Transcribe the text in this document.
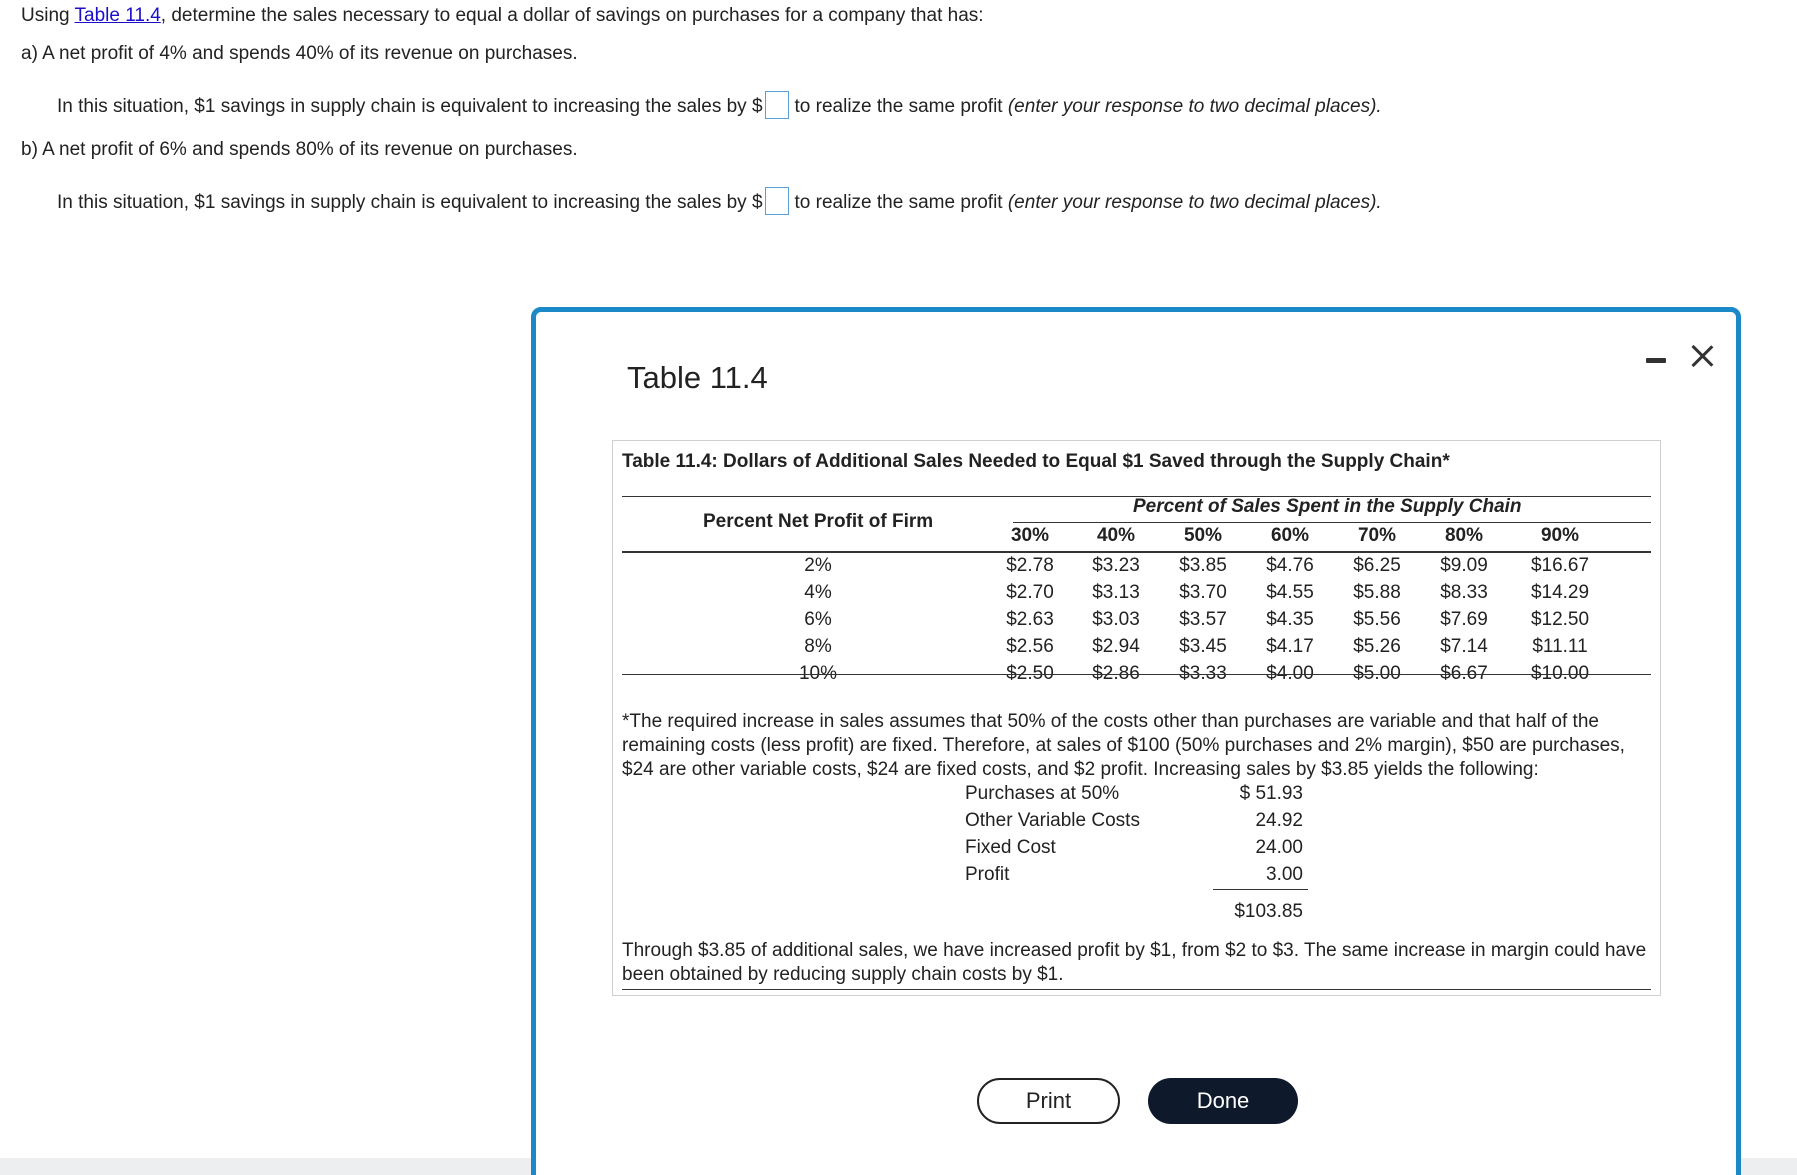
Using Table 11.4, determine the sales necessary to equal a dollar of savings on purchases for a company that has:
a) A net profit of 4% and spends 40% of its revenue on purchases.
In this situation, $1 savings in supply chain is equivalent to increasing the sales by $ to realize the same profit (enter your response to two decimal places).
b) A net profit of 6% and spends 80% of its revenue on purchases.
In this situation, $1 savings in supply chain is equivalent to increasing the sales by $ to realize the same profit (enter your response to two decimal places).
Table 11.4
Table 11.4: Dollars of Additional Sales Needed to Equal $1 Saved through the Supply Chain*
Percent Net Profit of Firm
Percent of Sales Spent in the Supply Chain
30%	40%	50%	60%	70%	80%	90%
2%	$2.78	$3.23	$3.85	$4.76	$6.25	$9.09	$16.67
4%	$2.70	$3.13	$3.70	$4.55	$5.88	$8.33	$14.29
6%	$2.63	$3.03	$3.57	$4.35	$5.56	$7.69	$12.50
8%	$2.56	$2.94	$3.45	$4.17	$5.26	$7.14	$11.11
10%	$2.50	$2.86	$3.33	$4.00	$5.00	$6.67	$10.00
*The required increase in sales assumes that 50% of the costs other than purchases are variable and that half of the remaining costs (less profit) are fixed. Therefore, at sales of $100 (50% purchases and 2% margin), $50 are purchases, $24 are other variable costs, $24 are fixed costs, and $2 profit. Increasing sales by $3.85 yields the following:
Purchases at 50%	$ 51.93
Other Variable Costs	24.92
Fixed Cost	24.00
Profit	3.00
$103.85
Through $3.85 of additional sales, we have increased profit by $1, from $2 to $3. The same increase in margin could have been obtained by reducing supply chain costs by $1.
Print	Done
